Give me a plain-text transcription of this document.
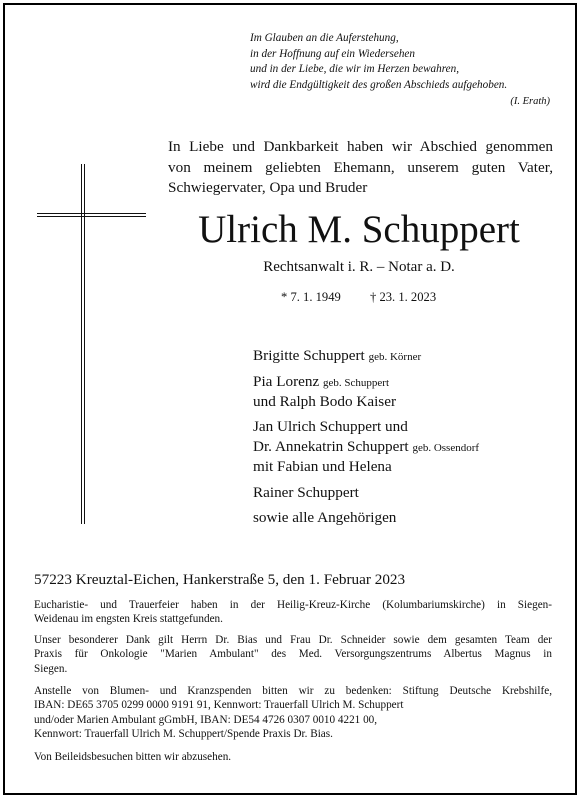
Im Glauben an die Auferstehung,
in der Hoffnung auf ein Wiedersehen
und in der Liebe, die wir im Herzen bewahren,
wird die Endgültigkeit des großen Abschieds aufgehoben.
(I. Erath)
In Liebe und Dankbarkeit haben wir Abschied genommen
von meinem geliebten Ehemann, unserem guten Vater,
Schwiegervater, Opa und Bruder
Ulrich M. Schuppert
Rechtsanwalt i. R. – Notar a. D.
* 7. 1. 1949 † 23. 1. 2023
Brigitte Schuppert geb. Körner
Pia Lorenz geb. Schuppert
und Ralph Bodo Kaiser
Jan Ulrich Schuppert und
Dr. Annekatrin Schuppert geb. Ossendorf
mit Fabian und Helena
Rainer Schuppert
sowie alle Angehörigen
57223 Kreuztal-Eichen, Hankerstraße 5, den 1. Februar 2023
Eucharistie- und Trauerfeier haben in der Heilig-Kreuz-Kirche (Kolumbariumskirche) in Siegen-
Weidenau im engsten Kreis stattgefunden.
Unser besonderer Dank gilt Herrn Dr. Bias und Frau Dr. Schneider sowie dem gesamten Team der
Praxis für Onkologie "Marien Ambulant" des Med. Versorgungszentrums Albertus Magnus in
Siegen.
Anstelle von Blumen- und Kranzspenden bitten wir zu bedenken: Stiftung Deutsche Krebshilfe,
IBAN: DE65 3705 0299 0000 9191 91, Kennwort: Trauerfall Ulrich M. Schuppert
und/oder Marien Ambulant gGmbH, IBAN: DE54 4726 0307 0010 4221 00,
Kennwort: Trauerfall Ulrich M. Schuppert/Spende Praxis Dr. Bias.
Von Beileidsbesuchen bitten wir abzusehen.
